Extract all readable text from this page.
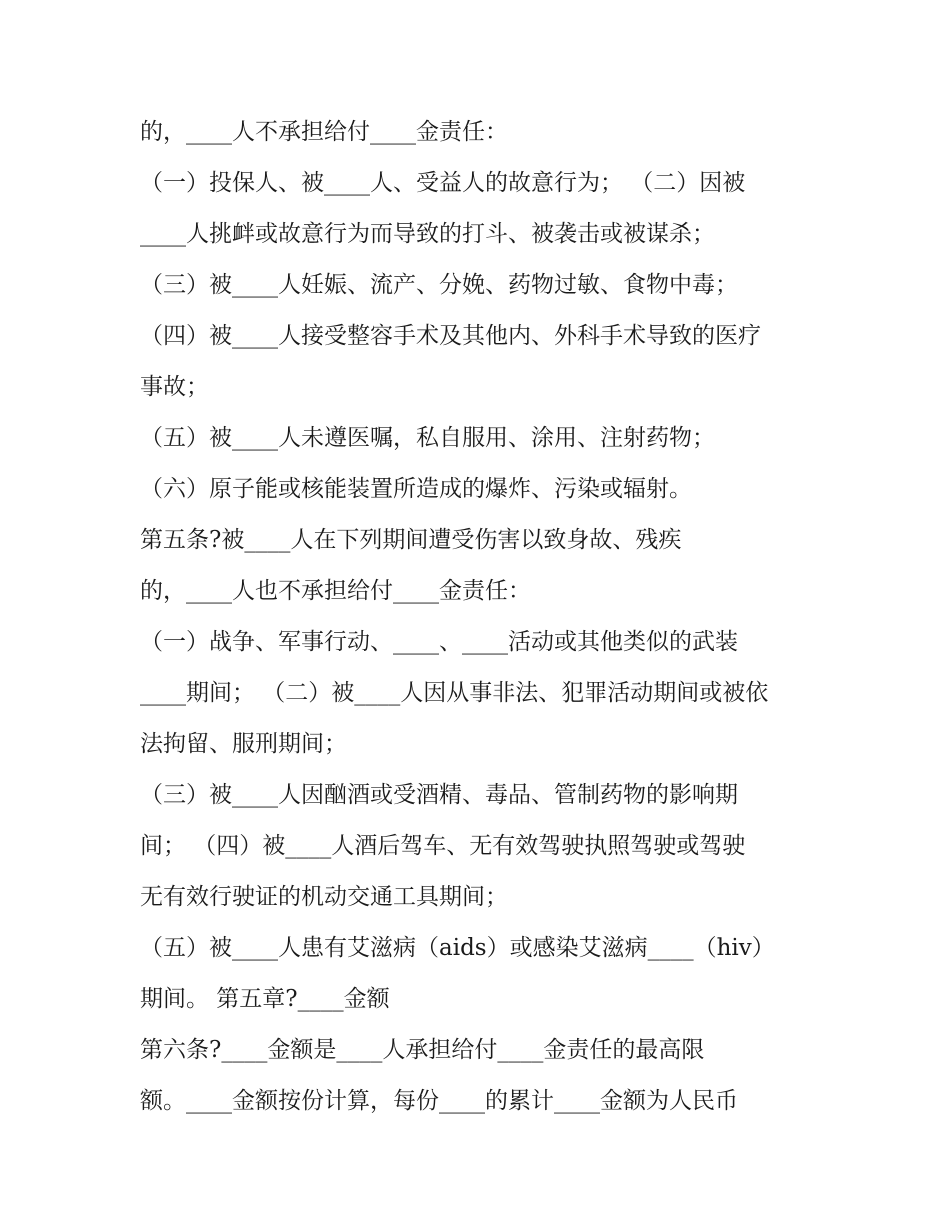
的，____人不承担给付____金责任：
（一）投保人、被____人、受益人的故意行为； （二）因被
____人挑衅或故意行为而导致的打斗、被袭击或被谋杀；
（三）被____人妊娠、流产、分娩、药物过敏、食物中毒；
（四）被____人接受整容手术及其他内、外科手术导致的医疗
事故；
（五）被____人未遵医嘱，私自服用、涂用、注射药物；
（六）原子能或核能装置所造成的爆炸、污染或辐射。
第五条?被____人在下列期间遭受伤害以致身故、残疾
的，____人也不承担给付____金责任：
（一）战争、军事行动、____、____活动或其他类似的武装
____期间； （二）被____人因从事非法、犯罪活动期间或被依
法拘留、服刑期间；
（三）被____人因酗酒或受酒精、毒品、管制药物的影响期
间； （四）被____人酒后驾车、无有效驾驶执照驾驶或驾驶
无有效行驶证的机动交通工具期间；
（五）被____人患有艾滋病（aids）或感染艾滋病____（hiv）
期间。 第五章?____金额
第六条?____金额是____人承担给付____金责任的最高限
额。____金额按份计算，每份____的累计____金额为人民币
